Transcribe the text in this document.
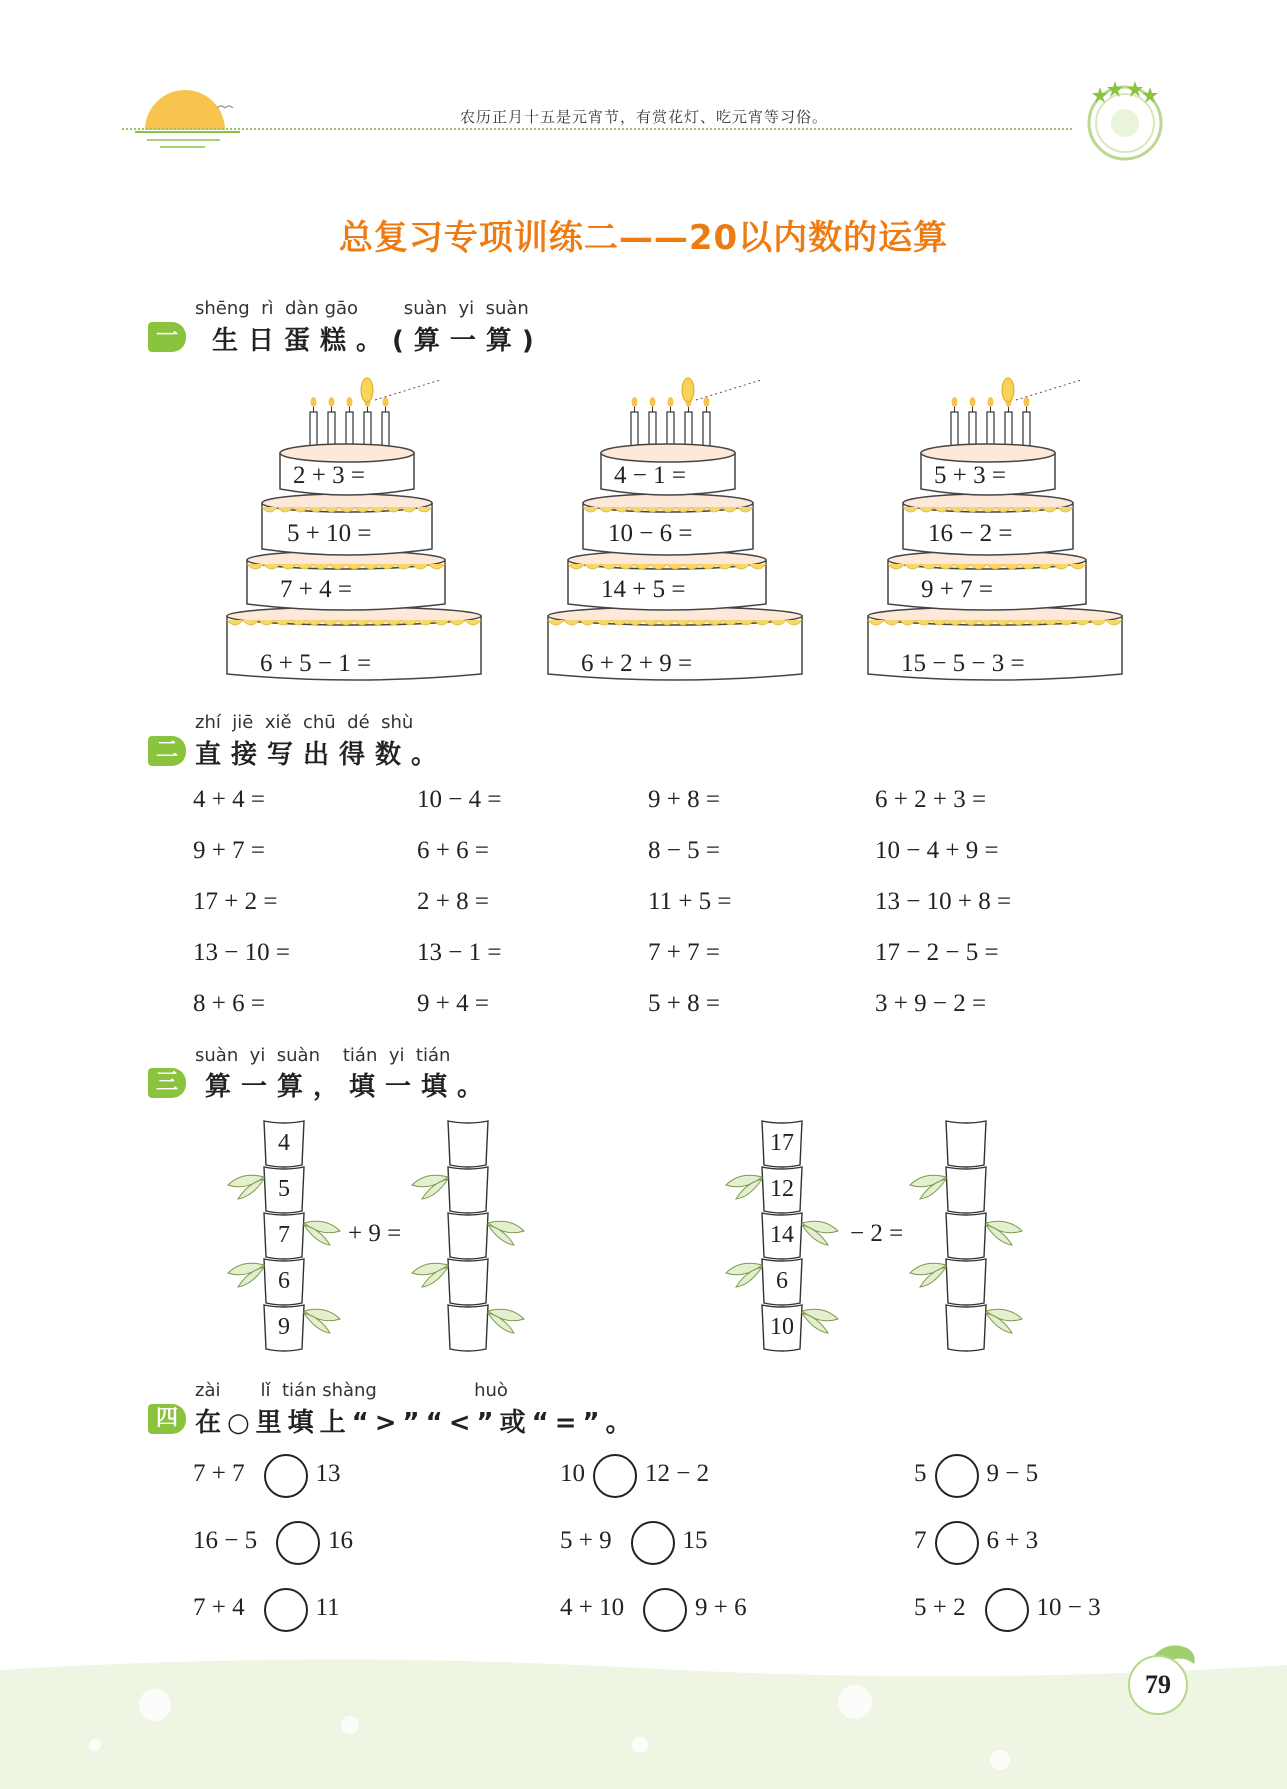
农历正月十五是元宵节，有赏花灯、吃元宵等习俗。
总复习专项训练二——20以内数的运算
shēng  rì  dàn gāo        suàn  yi  suàn
一	生日蛋糕。(算一算)
2 + 3 =
5 + 10 =
7 + 4 =
6 + 5 − 1 =
4 − 1 =
10 − 6 =
14 + 5 =
6 + 2 + 9 =
5 + 3 =
16 − 2 =
9 + 7 =
15 − 5 − 3 =
zhí  jiē  xiě  chū  dé  shù
二 直接写出得数。
4 + 4 =	10 − 4 =	9 + 8 =	6 + 2 + 3 =
9 + 7 =	6 + 6 =	8 − 5 =	10 − 4 + 9 =
17 + 2 =	2 + 8 =	11 + 5 =	13 − 10 + 8 =
13 − 10 =	13 − 1 =	7 + 7 =	17 − 2 − 5 =
8 + 6 =	9 + 4 =	5 + 8 =	3 + 9 − 2 =
suàn  yi  suàn    tián  yi  tián
三	算一算，填一填。
4
5
7
6
9
17
12
14
6
10
+ 9 =	− 2 =
zài       lǐ  tián shàng                 huò
四 在○里填上“>”“<”或“=”。
7 + 7	13	10 12 − 2	5 9 − 5
16 − 5	16	5 + 9	15	7 6 + 3
7 + 4	11	4 + 10	9 + 6	5 + 2	10 − 3
79
